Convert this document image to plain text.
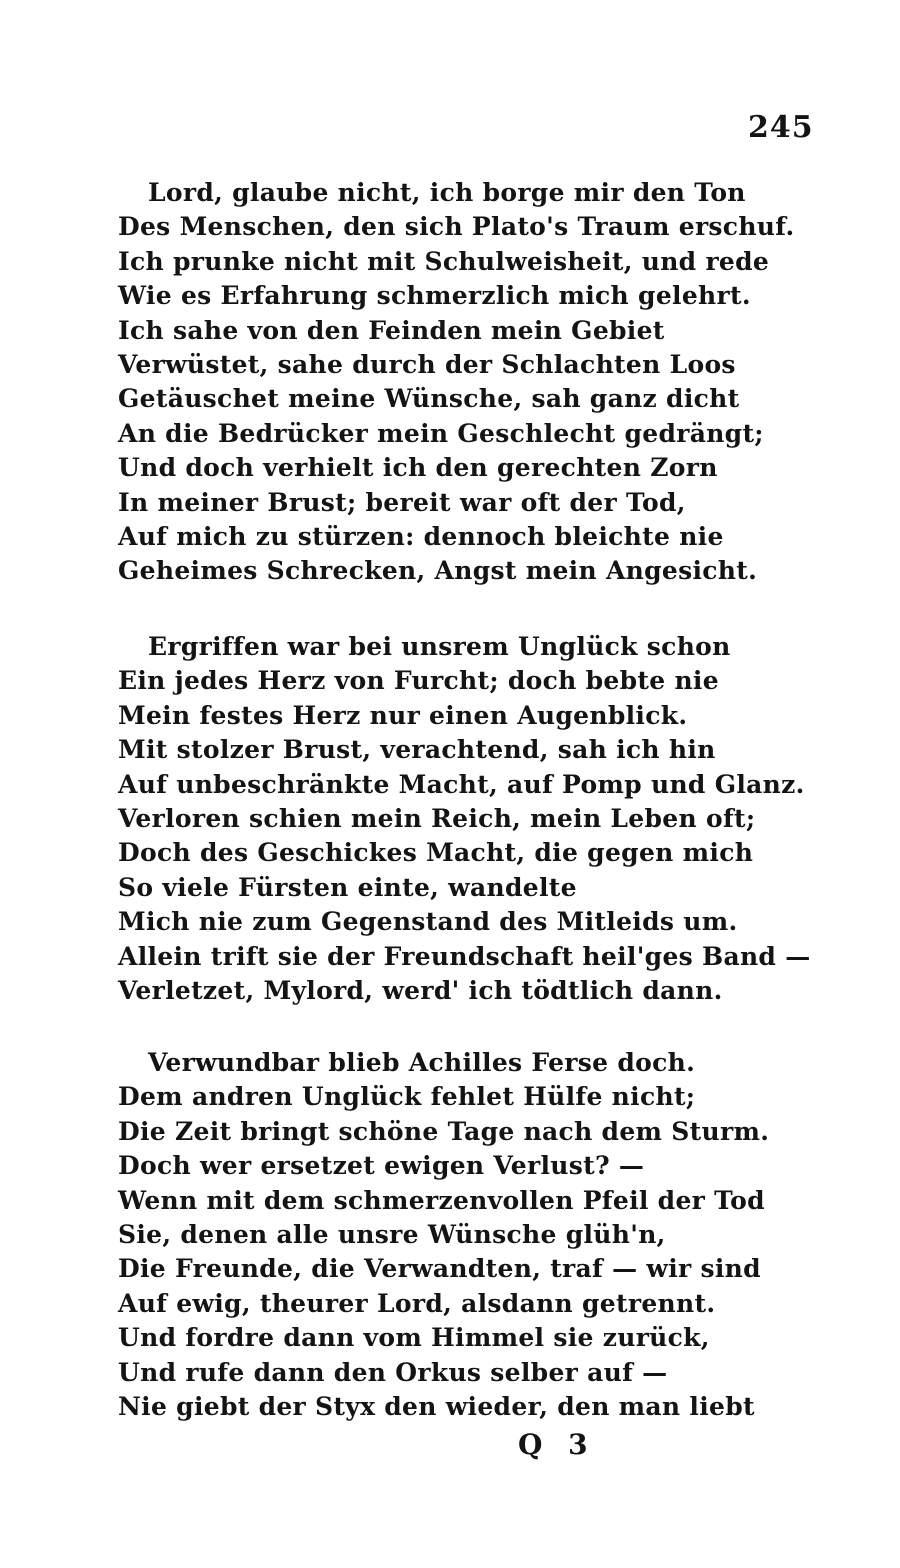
245
Lord, glaube nicht, ich borge mir den Ton
Des Menschen, den sich Plato's Traum erschuf.
Ich prunke nicht mit Schulweisheit, und rede
Wie es Erfahrung schmerzlich mich gelehrt.
Ich sahe von den Feinden mein Gebiet
Verwüstet, sahe durch der Schlachten Loos
Getäuschet meine Wünsche, sah ganz dicht
An die Bedrücker mein Geschlecht gedrängt;
Und doch verhielt ich den gerechten Zorn
In meiner Brust; bereit war oft der Tod,
Auf mich zu stürzen: dennoch bleichte nie
Geheimes Schrecken, Angst mein Angesicht.
Ergriffen war bei unsrem Unglück schon
Ein jedes Herz von Furcht; doch bebte nie
Mein festes Herz nur einen Augenblick.
Mit stolzer Brust, verachtend, sah ich hin
Auf unbeschränkte Macht, auf Pomp und Glanz.
Verloren schien mein Reich, mein Leben oft;
Doch des Geschickes Macht, die gegen mich
So viele Fürsten einte, wandelte
Mich nie zum Gegenstand des Mitleids um.
Allein trift sie der Freundschaft heil'ges Band —
Verletzet, Mylord, werd' ich tödtlich dann.
Verwundbar blieb Achilles Ferse doch.
Dem andren Unglück fehlet Hülfe nicht;
Die Zeit bringt schöne Tage nach dem Sturm.
Doch wer ersetzet ewigen Verlust? —
Wenn mit dem schmerzenvollen Pfeil der Tod
Sie, denen alle unsre Wünsche glüh'n,
Die Freunde, die Verwandten, traf — wir sind
Auf ewig, theurer Lord, alsdann getrennt.
Und fordre dann vom Himmel sie zurück,
Und rufe dann den Orkus selber auf —
Nie giebt der Styx den wieder, den man liebt
Q 3
